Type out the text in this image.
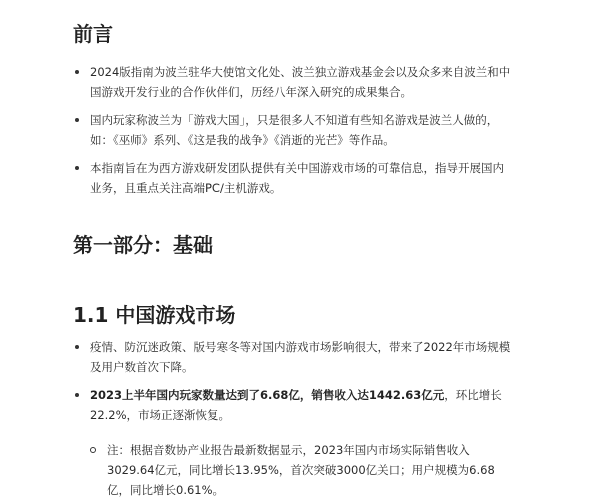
前言
2024版指南为波兰驻华大使馆文化处、波兰独立游戏基金会以及众多来自波兰和中国游戏开发行业的合作伙伴们，历经八年深入研究的成果集合。
国内玩家称波兰为「游戏大国」，只是很多人不知道有些知名游戏是波兰人做的，如：《巫师》系列、《这是我的战争》《消逝的光芒》等作品。
本指南旨在为西方游戏研发团队提供有关中国游戏市场的可靠信息，指导开展国内业务，且重点关注高端PC/主机游戏。
第一部分：基础
1.1 中国游戏市场
疫情、防沉迷政策、版号寒冬等对国内游戏市场影响很大，带来了2022年市场规模及用户数首次下降。
2023上半年国内玩家数量达到了6.68亿，销售收入达1442.63亿元，环比增长22.2%，市场正逐渐恢复。
注：根据音数协产业报告最新数据显示，2023年国内市场实际销售收入3029.64亿元，同比增长13.95%，首次突破3000亿关口；用户规模为6.68亿，同比增长0.61%。
